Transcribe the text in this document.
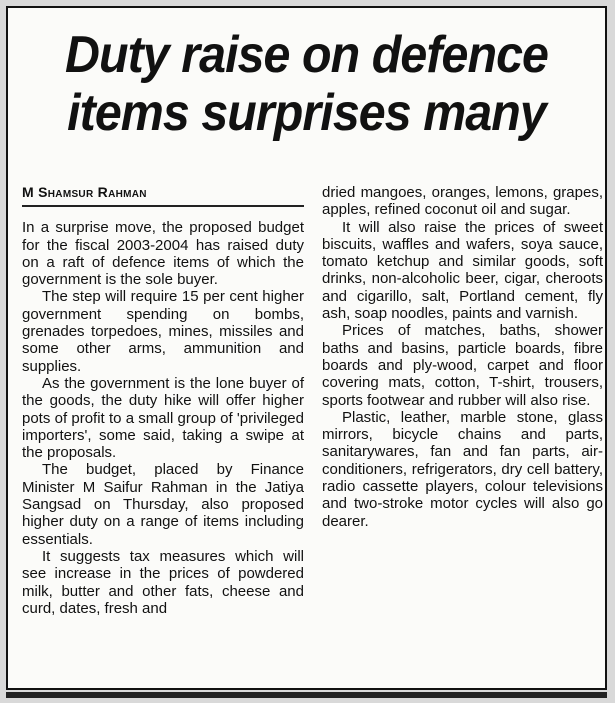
Duty raise on defence
items surprises many
M Shamsur Rahman

In a surprise move, the proposed budget for the fiscal 2003-2004 has raised duty on a raft of defence items of which the government is the sole buyer.

The step will require 15 per cent higher government spending on bombs, grenades torpedoes, mines, missiles and some other arms, ammunition and supplies.

As the government is the lone buyer of the goods, the duty hike will offer higher pots of profit to a small group of 'privileged importers', some said, taking a swipe at the proposals.

The budget, placed by Finance Minister M Saifur Rahman in the Jatiya Sangsad on Thursday, also proposed higher duty on a range of items including essentials.

It suggests tax measures which will see increase in the prices of powdered milk, butter and other fats, cheese and curd, dates, fresh and

dried mangoes, oranges, lemons, grapes, apples, refined coconut oil and sugar.

It will also raise the prices of sweet biscuits, waffles and wafers, soya sauce, tomato ketchup and similar goods, soft drinks, non-alcoholic beer, cigar, cheroots and cigarillo, salt, Portland cement, fly ash, soap noodles, paints and varnish.

Prices of matches, baths, shower baths and basins, particle boards, fibre boards and ply-wood, carpet and floor covering mats, cotton, T-shirt, trousers, sports footwear and rubber will also rise.

Plastic, leather, marble stone, glass mirrors, bicycle chains and parts, sanitarywares, fan and fan parts, air-conditioners, refrigerators, dry cell battery, radio cassette players, colour televisions and two-stroke motor cycles will also go dearer.
